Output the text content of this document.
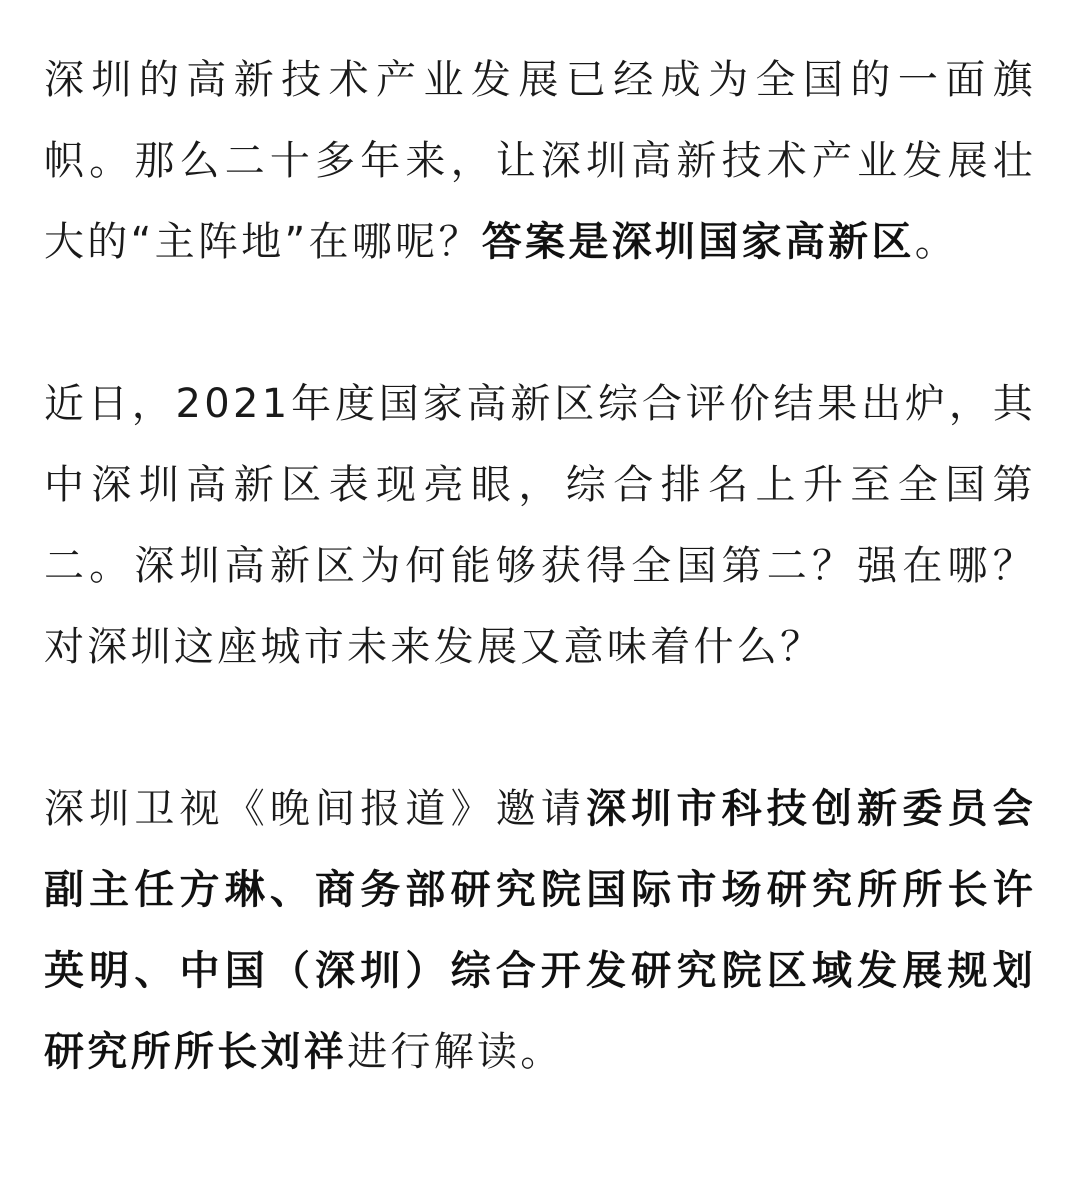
深圳的高新技术产业发展已经成为全国的一面旗帜。那么二十多年来，让深圳高新技术产业发展壮大的“主阵地”在哪呢？答案是深圳国家高新区。

近日，2021年度国家高新区综合评价结果出炉，其中深圳高新区表现亮眼，综合排名上升至全国第二。深圳高新区为何能够获得全国第二？强在哪？对深圳这座城市未来发展又意味着什么？

深圳卫视《晚间报道》邀请深圳市科技创新委员会副主任方琳、商务部研究院国际市场研究所所长许英明、中国（深圳）综合开发研究院区域发展规划研究所所长刘祥进行解读。
